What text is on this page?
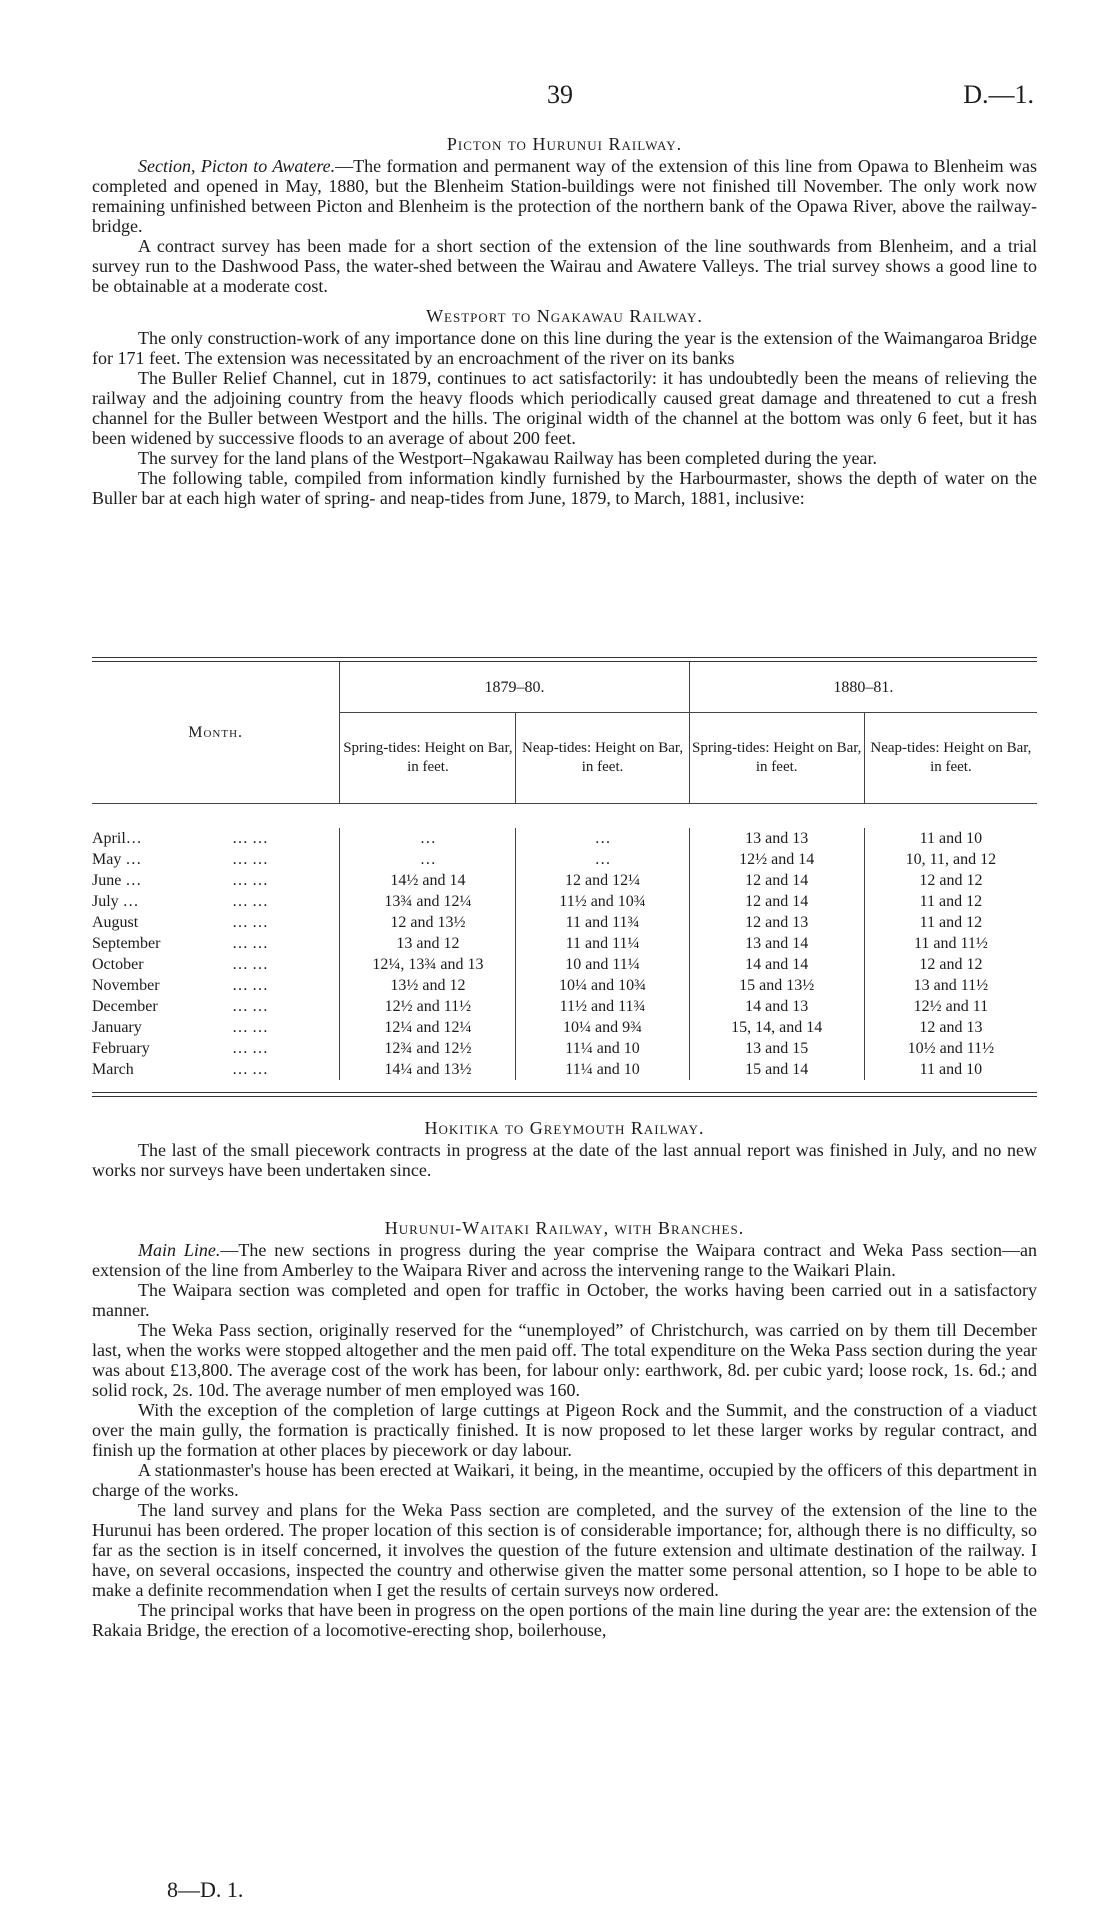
39	D.—1.
Picton to Hurunui Railway.

Section, Picton to Awatere.—The formation and permanent way of the extension of this line from Opawa to Blenheim was completed and opened in May, 1880, but the Blenheim Station-buildings were not finished till November. The only work now remaining unfinished between Picton and Blenheim is the protection of the northern bank of the Opawa River, above the railway-bridge.

A contract survey has been made for a short section of the extension of the line southwards from Blenheim, and a trial survey run to the Dashwood Pass, the water-shed between the Wairau and Awatere Valleys. The trial survey shows a good line to be obtainable at a moderate cost.

Westport to Ngakawau Railway.

The only construction-work of any importance done on this line during the year is the extension of the Waimangaroa Bridge for 171 feet. The extension was necessitated by an encroachment of the river on its banks

The Buller Relief Channel, cut in 1879, continues to act satisfactorily: it has undoubtedly been the means of relieving the railway and the adjoining country from the heavy floods which periodically caused great damage and threatened to cut a fresh channel for the Buller between Westport and the hills. The original width of the channel at the bottom was only 6 feet, but it has been widened by successive floods to an average of about 200 feet.

The survey for the land plans of the Westport–Ngakawau Railway has been completed during the year.

The following table, compiled from information kindly furnished by the Harbourmaster, shows the depth of water on the Buller bar at each high water of spring- and neap-tides from June, 1879, to March, 1881, inclusive:

Month.	1879–80.		1880–81.	
	Spring-tides: Height on Bar, in feet.	Neap-tides: Height on Bar, in feet.	Spring-tides: Height on Bar, in feet.	Neap-tides: Height on Bar, in feet.

April… … …	…	…	13 and 13	11 and 10
May … … …	…	…	12½ and 14	10, 11, and 12
June … … …	14½ and 14	12 and 12¼	12 and 14	12 and 12
July … … …	13¾ and 12¼	11½ and 10¾	12 and 14	11 and 12
August … …	12 and 13½	11 and 11¾	12 and 13	11 and 12
September … …	13 and 12	11 and 11¼	13 and 14	11 and 11½
October … …	12¼, 13¾ and 13	10 and 11¼	14 and 14	12 and 12
November … …	13½ and 12	10¼ and 10¾	15 and 13½	13 and 11½
December … …	12½ and 11½	11½ and 11¾	14 and 13	12½ and 11
January … …	12¼ and 12¼	10¼ and 9¾	15, 14, and 14	12 and 13
February … …	12¾ and 12½	11¼ and 10	13 and 15	10½ and 11½
March … …	14¼ and 13½	11¼ and 10	15 and 14	11 and 10

Hokitika to Greymouth Railway.

The last of the small piecework contracts in progress at the date of the last annual report was finished in July, and no new works nor surveys have been undertaken since.

Hurunui-Waitaki Railway, with Branches.

Main Line.—The new sections in progress during the year comprise the Waipara contract and Weka Pass section—an extension of the line from Amberley to the Waipara River and across the intervening range to the Waikari Plain.

The Waipara section was completed and open for traffic in October, the works having been carried out in a satisfactory manner.

The Weka Pass section, originally reserved for the “unemployed” of Christchurch, was carried on by them till December last, when the works were stopped altogether and the men paid off. The total expenditure on the Weka Pass section during the year was about £13,800. The average cost of the work has been, for labour only: earthwork, 8d. per cubic yard; loose rock, 1s. 6d.; and solid rock, 2s. 10d. The average number of men employed was 160.

With the exception of the completion of large cuttings at Pigeon Rock and the Summit, and the construction of a viaduct over the main gully, the formation is practically finished. It is now proposed to let these larger works by regular contract, and finish up the formation at other places by piecework or day labour.

A stationmaster's house has been erected at Waikari, it being, in the meantime, occupied by the officers of this department in charge of the works.

The land survey and plans for the Weka Pass section are completed, and the survey of the extension of the line to the Hurunui has been ordered. The proper location of this section is of considerable importance; for, although there is no difficulty, so far as the section is in itself concerned, it involves the question of the future extension and ultimate destination of the railway. I have, on several occasions, inspected the country and otherwise given the matter some personal attention, so I hope to be able to make a definite recommendation when I get the results of certain surveys now ordered.

The principal works that have been in progress on the open portions of the main line during the year are: the extension of the Rakaia Bridge, the erection of a locomotive-erecting shop, boilerhouse,

8—D. 1.
